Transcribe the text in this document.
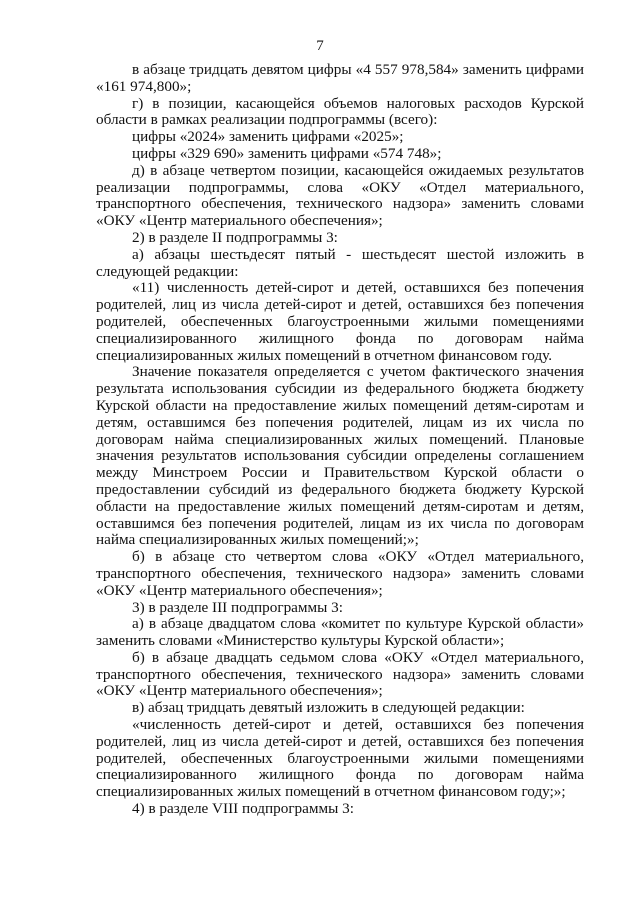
7

в абзаце тридцать девятом цифры «4 557 978,584» заменить цифрами «161 974,800»;

г) в позиции, касающейся объемов налоговых расходов Курской области в рамках реализации подпрограммы (всего):

цифры «2024» заменить цифрами «2025»;

цифры «329 690» заменить цифрами «574 748»;

д) в абзаце четвертом позиции, касающейся ожидаемых результатов реализации подпрограммы, слова «ОКУ «Отдел материального, транспортного обеспечения, технического надзора» заменить словами «ОКУ «Центр материального обеспечения»;

2) в разделе II подпрограммы 3:

а) абзацы шестьдесят пятый - шестьдесят шестой изложить в следующей редакции:

«11) численность детей-сирот и детей, оставшихся без попечения родителей, лиц из числа детей-сирот и детей, оставшихся без попечения родителей, обеспеченных благоустроенными жилыми помещениями специализированного жилищного фонда по договорам найма специализированных жилых помещений в отчетном финансовом году.

Значение показателя определяется с учетом фактического значения результата использования субсидии из федерального бюджета бюджету Курской области на предоставление жилых помещений детям-сиротам и детям, оставшимся без попечения родителей, лицам из их числа по договорам найма специализированных жилых помещений. Плановые значения результатов использования субсидии определены соглашением между Минстроем России и Правительством Курской области о предоставлении субсидий из федерального бюджета бюджету Курской области на предоставление жилых помещений детям-сиротам и детям, оставшимся без попечения родителей, лицам из их числа по договорам найма специализированных жилых помещений;»;

б) в абзаце сто четвертом слова «ОКУ «Отдел материального, транспортного обеспечения, технического надзора» заменить словами «ОКУ «Центр материального обеспечения»;

3) в разделе III подпрограммы 3:

а) в абзаце двадцатом слова «комитет по культуре Курской области» заменить словами «Министерство культуры Курской области»;

б) в абзаце двадцать седьмом слова «ОКУ «Отдел материального, транспортного обеспечения, технического надзора» заменить словами «ОКУ «Центр материального обеспечения»;

в) абзац тридцать девятый изложить в следующей редакции:

«численность детей-сирот и детей, оставшихся без попечения родителей, лиц из числа детей-сирот и детей, оставшихся без попечения родителей, обеспеченных благоустроенными жилыми помещениями специализированного жилищного фонда по договорам найма специализированных жилых помещений в отчетном финансовом году;»;

4) в разделе VIII подпрограммы 3:
